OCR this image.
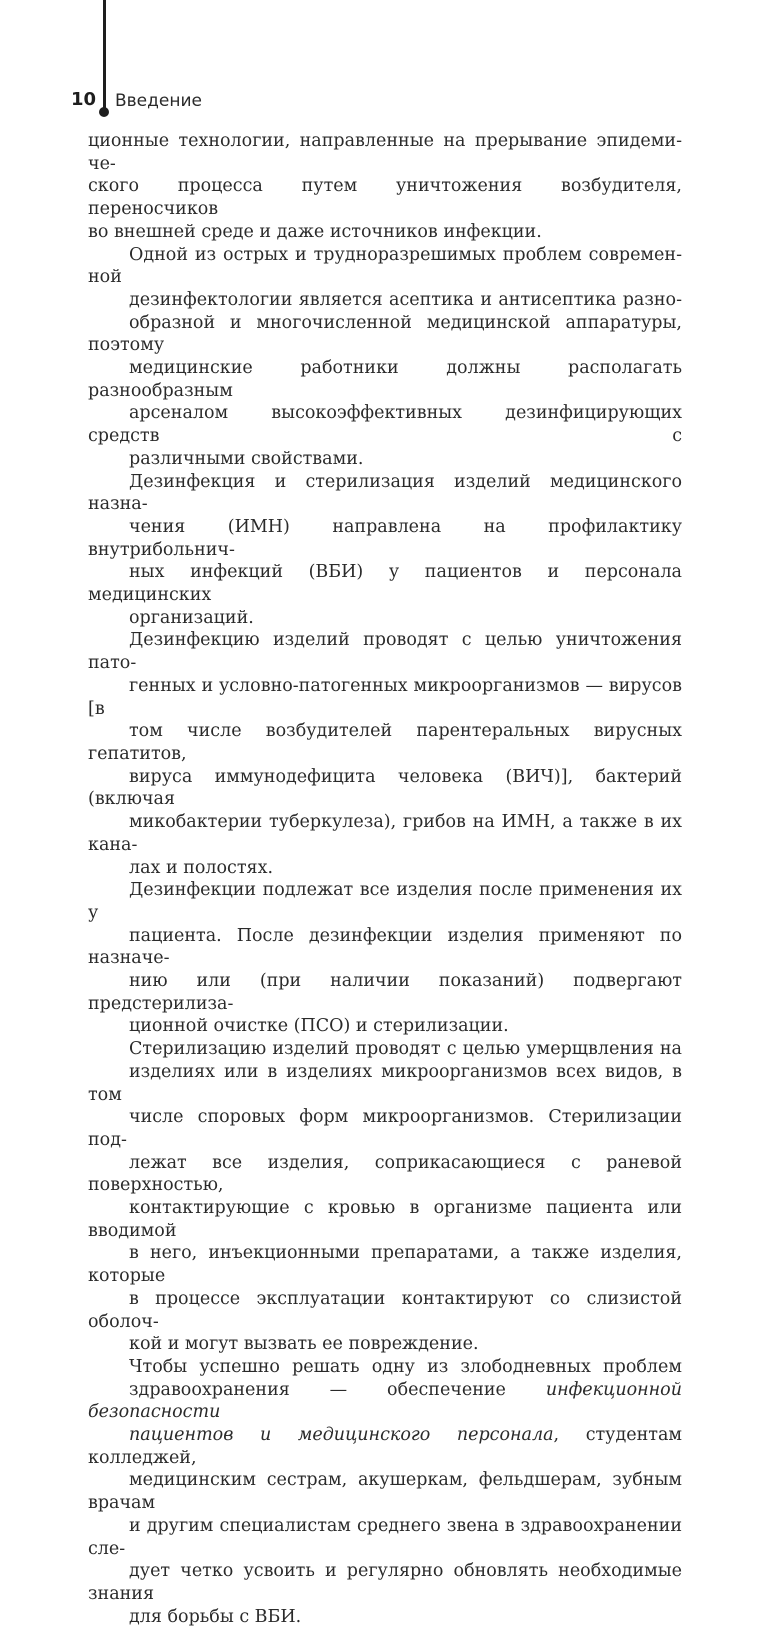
10 Введение

ционные технологии, направленные на прерывание эпидемиче-
ского процесса путем уничтожения возбудителя, переносчиков
во внешней среде и даже источников инфекции.

Одной из острых и трудноразрешимых проблем современной
дезинфектологии является асептика и антисептика разно-
образной и многочисленной медицинской аппаратуры, поэтому
медицинские работники должны располагать разнообразным
арсеналом высокоэффективных дезинфицирующих средств с
различными свойствами.

Дезинфекция и стерилизация изделий медицинского назна-
чения (ИМН) направлена на профилактику внутрибольнич-
ных инфекций (ВБИ) у пациентов и персонала медицинских
организаций.

Дезинфекцию изделий проводят с целью уничтожения пато-
генных и условно-патогенных микроорганизмов — вирусов [в
том числе возбудителей парентеральных вирусных гепатитов,
вируса иммунодефицита человека (ВИЧ)], бактерий (включая
микобактерии туберкулеза), грибов на ИМН, а также в их кана-
лах и полостях.

Дезинфекции подлежат все изделия после применения их у
пациента. После дезинфекции изделия применяют по назначе-
нию или (при наличии показаний) подвергают предстерилиза-
ционной очистке (ПСО) и стерилизации.

Стерилизацию изделий проводят с целью умерщвления на
изделиях или в изделиях микроорганизмов всех видов, в том
числе споровых форм микроорганизмов. Стерилизации под-
лежат все изделия, соприкасающиеся с раневой поверхностью,
контактирующие с кровью в организме пациента или вводимой
в него, инъекционными препаратами, а также изделия, которые
в процессе эксплуатации контактируют со слизистой оболоч-
кой и могут вызвать ее повреждение.

Чтобы успешно решать одну из злободневных проблем
здравоохранения — обеспечение инфекционной безопасности
пациентов и медицинского персонала, студентам колледжей,
медицинским сестрам, акушеркам, фельдшерам, зубным врачам
и другим специалистам среднего звена в здравоохранении сле-
дует четко усвоить и регулярно обновлять необходимые знания
для борьбы с ВБИ.
